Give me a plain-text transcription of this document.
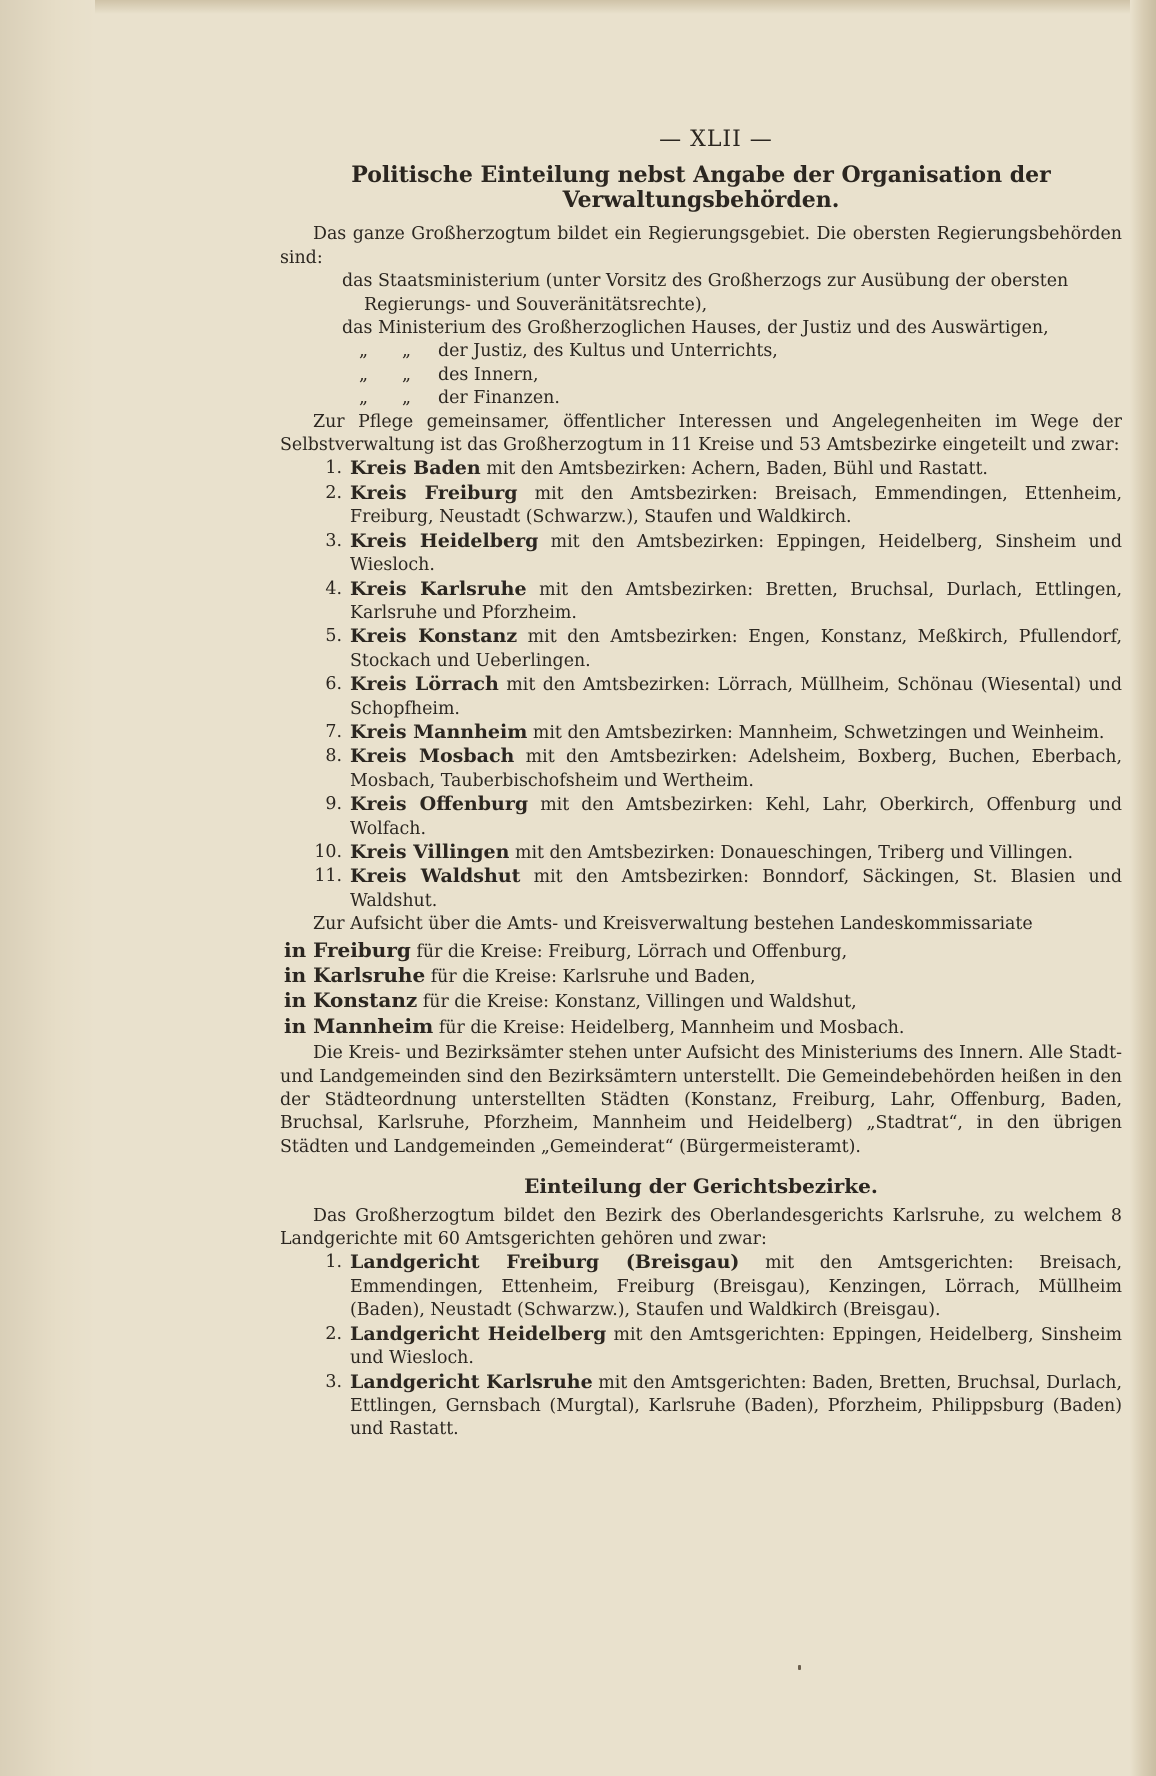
— XLII —
Politische Einteilung nebst Angabe der Organisation der Verwaltungsbehörden.

Das ganze Großherzogtum bildet ein Regierungsgebiet. Die obersten Regierungsbehörden sind:

das Staatsministerium (unter Vorsitz des Großherzogs zur Ausübung der obersten Regierungs- und Souveränitätsrechte),
das Ministerium des Großherzoglichen Hauses, der Justiz und des Auswärtigen,
„	„	der Justiz, des Kultus und Unterrichts,
„	„	des Innern,
„	„	der Finanzen.

Zur Pflege gemeinsamer, öffentlicher Interessen und Angelegenheiten im Wege der Selbstverwaltung ist das Großherzogtum in 11 Kreise und 53 Amtsbezirke eingeteilt und zwar:

1. Kreis Baden mit den Amtsbezirken: Achern, Baden, Bühl und Rastatt.
2. Kreis Freiburg mit den Amtsbezirken: Breisach, Emmendingen, Ettenheim, Freiburg, Neustadt (Schwarzw.), Staufen und Waldkirch.
3. Kreis Heidelberg mit den Amtsbezirken: Eppingen, Heidelberg, Sinsheim und Wiesloch.
4. Kreis Karlsruhe mit den Amtsbezirken: Bretten, Bruchsal, Durlach, Ettlingen, Karlsruhe und Pforzheim.
5. Kreis Konstanz mit den Amtsbezirken: Engen, Konstanz, Meßkirch, Pfullendorf, Stockach und Ueberlingen.
6. Kreis Lörrach mit den Amtsbezirken: Lörrach, Müllheim, Schönau (Wiesental) und Schopfheim.
7. Kreis Mannheim mit den Amtsbezirken: Mannheim, Schwetzingen und Weinheim.
8. Kreis Mosbach mit den Amtsbezirken: Adelsheim, Boxberg, Buchen, Eberbach, Mosbach, Tauberbischofsheim und Wertheim.
9. Kreis Offenburg mit den Amtsbezirken: Kehl, Lahr, Oberkirch, Offenburg und Wolfach.
10. Kreis Villingen mit den Amtsbezirken: Donaueschingen, Triberg und Villingen.
11. Kreis Waldshut mit den Amtsbezirken: Bonndorf, Säckingen, St. Blasien und Waldshut.

Zur Aufsicht über die Amts- und Kreisverwaltung bestehen Landeskommissariate

in Freiburg für die Kreise: Freiburg, Lörrach und Offenburg,
in Karlsruhe für die Kreise: Karlsruhe und Baden,
in Konstanz für die Kreise: Konstanz, Villingen und Waldshut,
in Mannheim für die Kreise: Heidelberg, Mannheim und Mosbach.

Die Kreis- und Bezirksämter stehen unter Aufsicht des Ministeriums des Innern. Alle Stadt- und Landgemeinden sind den Bezirksämtern unterstellt. Die Gemeindebehörden heißen in den der Städteordnung unterstellten Städten (Konstanz, Freiburg, Lahr, Offenburg, Baden, Bruchsal, Karlsruhe, Pforzheim, Mannheim und Heidelberg) „Stadtrat“, in den übrigen Städten und Landgemeinden „Gemeinderat“ (Bürgermeisteramt).

Einteilung der Gerichtsbezirke.

Das Großherzogtum bildet den Bezirk des Oberlandesgerichts Karlsruhe, zu welchem 8 Landgerichte mit 60 Amtsgerichten gehören und zwar:

1. Landgericht Freiburg (Breisgau) mit den Amtsgerichten: Breisach, Emmendingen, Ettenheim, Freiburg (Breisgau), Kenzingen, Lörrach, Müllheim (Baden), Neustadt (Schwarzw.), Staufen und Waldkirch (Breisgau).
2. Landgericht Heidelberg mit den Amtsgerichten: Eppingen, Heidelberg, Sinsheim und Wiesloch.
3. Landgericht Karlsruhe mit den Amtsgerichten: Baden, Bretten, Bruchsal, Durlach, Ettlingen, Gernsbach (Murgtal), Karlsruhe (Baden), Pforzheim, Philippsburg (Baden) und Rastatt.
